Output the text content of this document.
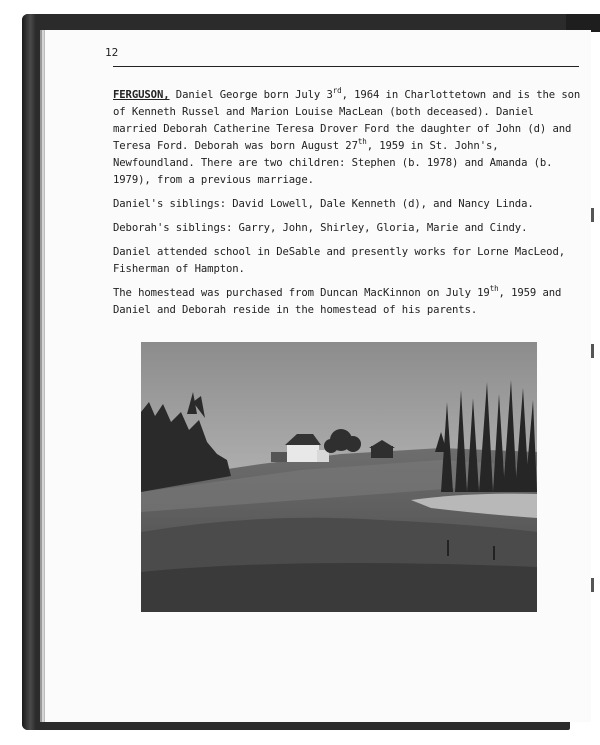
12

FERGUSON, Daniel George born July 3rd, 1964 in Charlottetown and is the son of Kenneth Russel and Marion Louise MacLean (both deceased). Daniel married Deborah Catherine Teresa Drover Ford the daughter of John (d) and Teresa Ford. Deborah was born August 27th, 1959 in St. John's, Newfoundland. There are two children: Stephen (b. 1978) and Amanda (b. 1979), from a previous marriage.

Daniel's siblings: David Lowell, Dale Kenneth (d), and Nancy Linda.

Deborah's siblings: Garry, John, Shirley, Gloria, Marie and Cindy.

Daniel attended school in DeSable and presently works for Lorne MacLeod, Fisherman of Hampton.

The homestead was purchased from Duncan MacKinnon on July 19th, 1959 and Daniel and Deborah reside in the homestead of his parents.
